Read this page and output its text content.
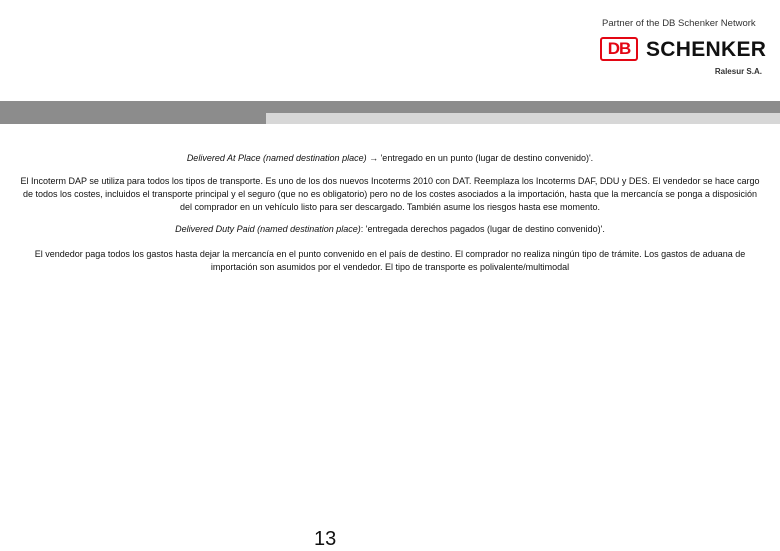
Partner of the DB Schenker Network
DB SCHENKER
Ralesur S.A.
Delivered At Place (named destination place) → 'entregado en un punto (lugar de destino convenido)'.
El Incoterm DAP se utiliza para todos los tipos de transporte. Es uno de los dos nuevos Incoterms 2010 con DAT. Reemplaza los Incoterms DAF, DDU y DES. El vendedor se hace cargo de todos los costes, incluidos el transporte principal y el seguro (que no es obligatorio) pero no de los costes asociados a la importación, hasta que la mercancía se ponga a disposición del comprador en un vehículo listo para ser descargado. También asume los riesgos hasta ese momento.
Delivered Duty Paid (named destination place): 'entregada derechos pagados (lugar de destino convenido)'.
El vendedor paga todos los gastos hasta dejar la mercancía en el punto convenido en el país de destino. El comprador no realiza ningún tipo de trámite. Los gastos de aduana de importación son asumidos por el vendedor. El tipo de transporte es polivalente/multimodal
13
